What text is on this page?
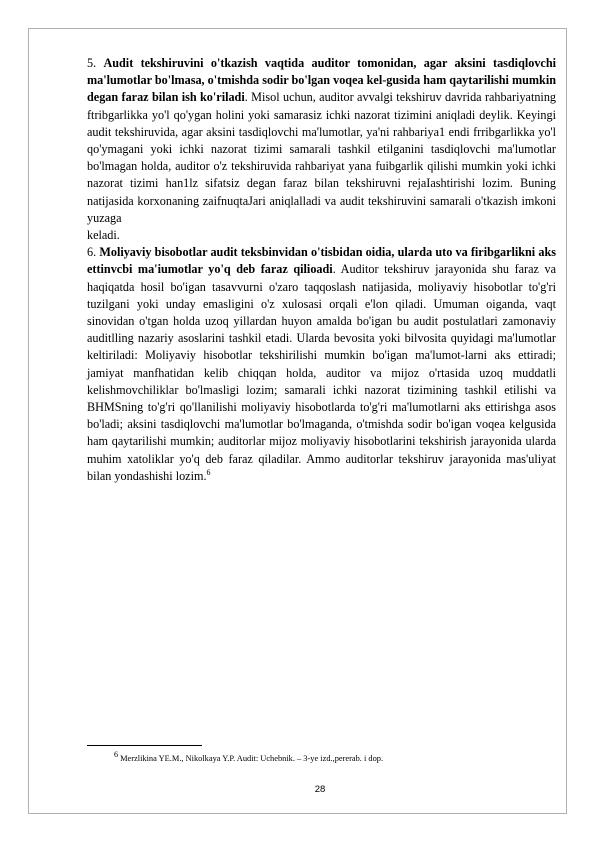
5. Audit tekshiruvini o'tkazish vaqtida auditor tomonidan, agar aksini tasdiqlovchi ma'lumotlar bo'lmasa, o'tmishda sodir bo'lgan voqea kel-gusida ham qaytarilishi mumkin degan faraz bilan ish ko'riladi. Misol uchun, auditor avvalgi tekshiruv davrida rahbariyatning ftribgarlikka yo'l qo'ygan holini yoki samarasiz ichki nazorat tizimini aniqladi deylik. Keyingi audit tekshiruvida, agar aksini tasdiqlovchi ma'lumotlar, ya'ni rahbariya1 endi frribgarlikka yo'l qo'ymagani yoki ichki nazorat tizimi samarali tashkil etilganini tasdiqlovchi ma'lumotlar bo'lmagan holda, auditor o'z tekshiruvida rahbariyat yana fuibgarlik qilishi mumkin yoki ichki nazorat tizimi han1lz sifatsiz degan faraz bilan tekshiruvni rejaIashtirishi lozim. Buning natijasida korxonaning zaifnuqtaJari aniqlalladi va audit tekshiruvini samarali o'tkazish imkoni yuzaga
keladi.

6. Moliyaviy bisobotlar audit teksbinvidan o'tisbidan oidia, ularda uto va firibgarlikni aks ettinvcbi ma'iumotlar yo'q deb faraz qilioadi. Auditor tekshiruv jarayonida shu faraz va haqiqatda hosil bo'igan tasavvurni o'zaro taqqoslash natijasida, moliyaviy hisobotlar to'g'ri tuzilgani yoki unday emasligini o'z xulosasi orqali e'lon qiladi. Umuman oiganda, vaqt sinovidan o'tgan holda uzoq yillardan huyon amalda bo'igan bu audit postulatlari zamonaviy auditlling nazariy asoslarini tashkil etadi. Ularda bevosita yoki bilvosita quyidagi ma'lumotlar keltiriladi: Moliyaviy hisobotlar tekshirilishi mumkin bo'igan ma'lumot-larni aks ettiradi; jamiyat manfhatidan kelib chiqqan holda, auditor va mijoz o'rtasida uzoq muddatli kelishmovchiliklar bo'lmasligi lozim; samarali ichki nazorat tizimining tashkil etilishi va BHMSning to'g'ri qo'llanilishi moliyaviy hisobotlarda to'g'ri ma'lumotlarni aks ettirishga asos bo'ladi; aksini tasdiqlovchi ma'lumotlar bo'lmaganda, o'tmishda sodir bo'igan voqea kelgusida ham qaytarilishi mumkin; auditorlar mijoz moliyaviy hisobotlarini tekshirish jarayonida ularda muhim xatoliklar yo'q deb faraz qiladilar. Ammo auditorlar tekshiruv jarayonida mas'uliyat bilan yondashishi lozim.$^6$

$^6$ Merzlikina YE.M., Nikolkaya Y.P. Audit: Uchebnik. – 3-ye izd.,pererab. i dop.
28
